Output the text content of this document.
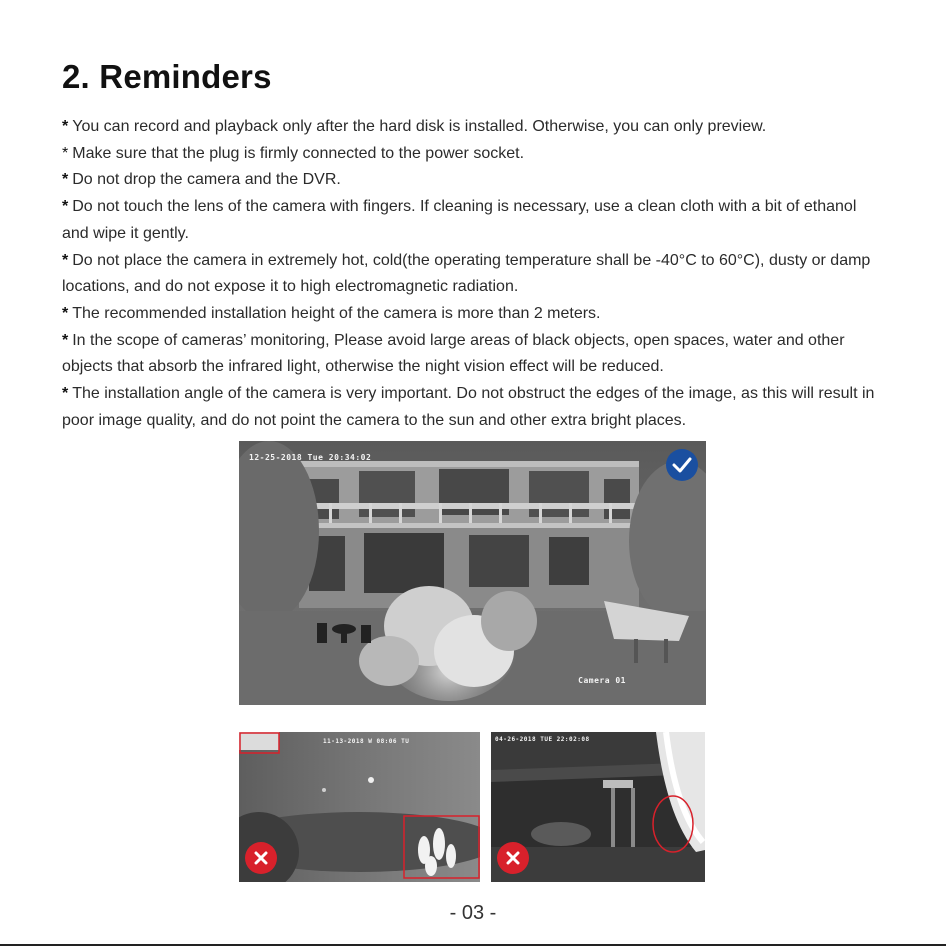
2. Reminders
* You can record and playback only after the hard disk is installed. Otherwise, you can only preview.
* Make sure that the plug is firmly connected to the power socket.
* Do not drop the camera and the DVR.
* Do not touch the lens of the camera with fingers. If cleaning is necessary, use a clean cloth with a bit of ethanol and wipe it gently.
* Do not place the camera in extremely hot, cold(the operating temperature shall be -40°C to 60°C), dusty or damp locations, and do not expose it to high electromagnetic radiation.
* The recommended installation height of the camera is more than 2 meters.
* In the scope of cameras’ monitoring, Please avoid large areas of black objects, open spaces, water and other objects that absorb the infrared light, otherwise the night vision effect will be reduced.
* The installation angle of the camera is very important. Do not obstruct the edges of the image, as this will result in poor image quality, and do not point the camera to the sun and other extra bright places.
12-25-2018 Tue 20:34:02
Camera 01
11-13-2018 W 08:06 TU	04-26-2018 TUE 22:02:08
- 03 -
